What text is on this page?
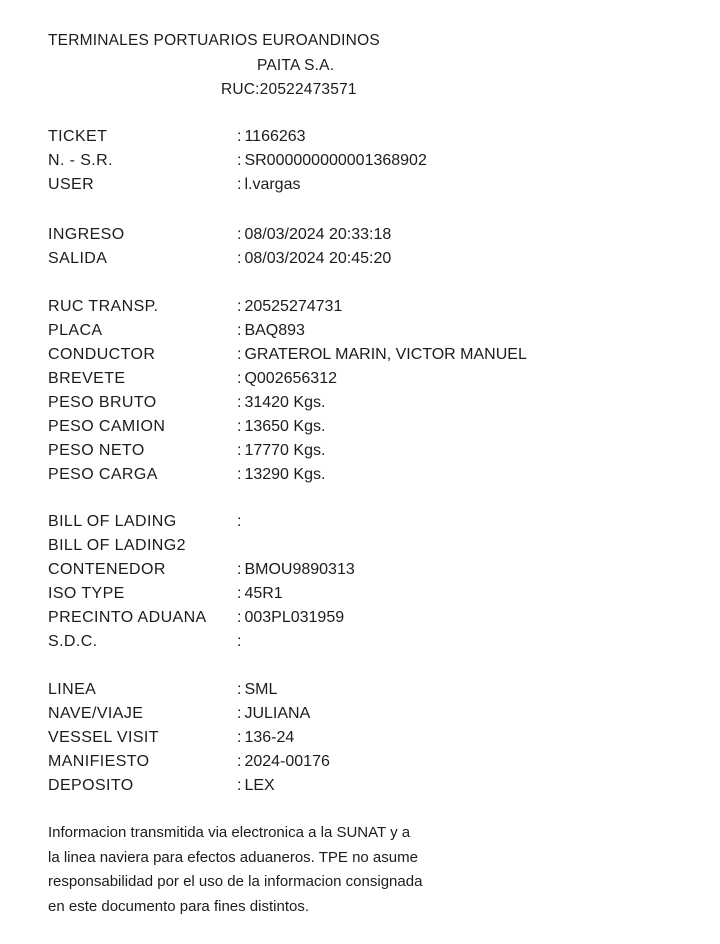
TERMINALES PORTUARIOS EUROANDINOS
PAITA S.A.
RUC:20522473571
TICKET	: 1166263
N. - S.R.	: SR000000000001368902
USER	: l.vargas
INGRESO	: 08/03/2024 20:33:18
SALIDA	: 08/03/2024 20:45:20
RUC TRANSP.	: 20525274731
PLACA	: BAQ893
CONDUCTOR	: GRATEROL MARIN, VICTOR MANUEL
BREVETE	: Q002656312
PESO BRUTO	: 31420 Kgs.
PESO CAMION	: 13650 Kgs.
PESO NETO	: 17770 Kgs.
PESO CARGA	: 13290 Kgs.
BILL OF LADING	:
BILL OF LADING2
CONTENEDOR	: BMOU9890313
ISO TYPE	: 45R1
PRECINTO ADUANA : 003PL031959
S.D.C.	:
LINEA	: SML
NAVE/VIAJE	: JULIANA
VESSEL VISIT	: 136-24
MANIFIESTO	: 2024-00176
DEPOSITO	: LEX
Informacion transmitida via electronica a la SUNAT y a
la linea naviera para efectos aduaneros. TPE no asume
responsabilidad por el uso de la informacion consignada
en este documento para fines distintos.
